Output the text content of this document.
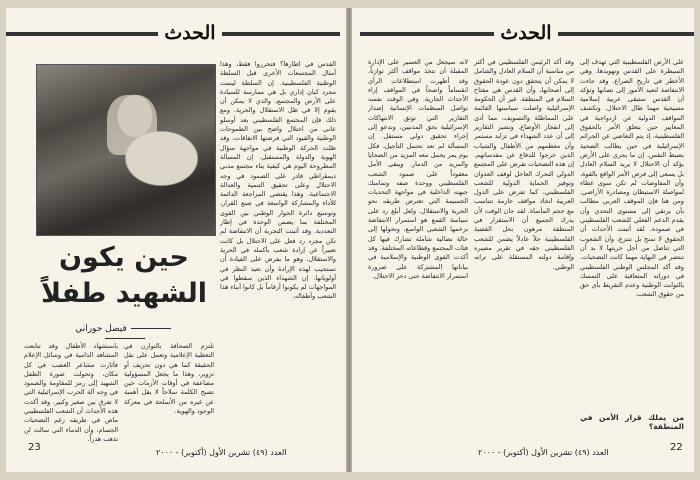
الحدث
القدس في اطارها؟ فتحرروا فقط، وهذا أمثال المجتمعات الأخرى قبل السلطة الوطنية الفلسطينية. إن السلطة ليست مجرد كيان إداري بل هي ممارسة للسيادة على الأرض والمجتمع، والذي لا يمكن أن يقوم إلا في ظل الاستقلال والحرية. ومع ذلك فإن المجتمع الفلسطيني بعد أوسلو عانى من اختلال واضح بين الطموحات الوطنية والقيود التي فرضتها الاتفاقات، وقد ظلت الحركة الوطنية في مواجهة سؤال الهوية والدولة والمستقبل. إن المسألة المطروحة اليوم هي كيفية بناء مجتمع مدني ديمقراطي قادر على الصمود في وجه الاحتلال وعلى تحقيق التنمية والعدالة الاجتماعية، وهذا يقتضي المراجعة الدائمة للأداء والمشاركة الواسعة في صنع القرار، وتوسيع دائرة الحوار الوطني بين القوى المختلفة بما يضمن الوحدة في إطار التعددية. وقد أثبتت التجربة أن الانتفاضة لم تكن مجرد رد فعل على الاحتلال بل كانت تعبيراً عن إرادة شعب بأكمله في الحرية والاستقلال، وهو ما يفرض على القيادة أن تستجيب لهذه الإرادة وأن تعيد النظر في أولوياتها. إن الشهداء الذين سقطوا في المواجهات لم يكونوا أرقاماً بل كانوا أبناء هذا الشعب وأطفاله.
حين يكون
الشهيد طفلاً
فيصل حوراني
تلتزم الصحافة بالتوازن في التغطية الإعلامية وتعمل على نقل الحقيقة كما هي دون تحريف أو تزوير، وهذا ما يجعل المسؤولية مضاعفة في أوقات الأزمات حين تصبح الكلمة سلاحاً لا يقل أهمية عن غيره من الأسلحة في معركة الوجود والهوية.
باستشهاد الأطفال وقد تتابعت المشاهد الدامية في وسائل الإعلام فأثارت مشاعر الغضب في كل مكان، وتحولت صورة الطفل الشهيد إلى رمز للمقاومة والصمود في وجه آلة الحرب الإسرائيلية التي لا تفرق بين صغير وكبير. وقد أكدت هذه الأحداث أن الشعب الفلسطيني ماض في طريقه رغم التضحيات الجسام، وأن الدماء التي سالت لن تذهب هدراً.
العدد (٤٩) تشرين الأول (أكتوبر) - ٢٠٠٠
23
الحدث
لانه سيجعل من العسير على الإدارة المقبلة أن تتخذ مواقف أكثر توازناً، وقد أظهرت استطلاعات الرأي انقساماً واضحاً في المواقف إزاء الأحداث الجارية. وفي الوقت نفسه تواصل المنظمات الإنسانية إصدار التقارير التي توثق الانتهاكات الإسرائيلية بحق المدنيين، وتدعو إلى إجراء تحقيق دولي مستقل. إن المسألة لم تعد تحتمل التأجيل، فكل يوم يمر يحمل معه المزيد من الضحايا والمزيد من الدمار. ويبقى الأمل معقوداً على صمود الشعب الفلسطيني ووحدة صفه وتماسك جبهته الداخلية في مواجهة التحديات الجسيمة التي تعترض طريقه نحو الحرية والاستقلال. ولعل أبلغ رد على سياسة القمع هو استمرار الانتفاضة بزخمها الشعبي الواسع، وتحولها إلى حالة نضالية شاملة تشارك فيها كل فئات المجتمع وقطاعاته المختلفة. وقد أكدت القوى الوطنية والإسلامية في بياناتها المشتركة على ضرورة استمرار الانتفاضة حتى دحر الاحتلال.
وقد أكد الرئيس الفلسطيني في أكثر من مناسبة أن السلام العادل والشامل لا يمكن أن يتحقق دون عودة الحقوق إلى أصحابها، وأن القدس هي مفتاح السلام في المنطقة. غير أن الحكومة الإسرائيلية واصلت سياستها القائمة على المماطلة والتسويف، مما أدى إلى انفجار الأوضاع. وتشير التقارير إلى أن عدد الشهداء في تزايد مستمر وأن معظمهم من الأطفال والشباب الذين خرجوا للدفاع عن مقدساتهم. إن هذه التضحيات تفرض على المجتمع الدولي التحرك العاجل لوقف العدوان وتوفير الحماية الدولية للشعب الفلسطيني، كما تفرض على الدول العربية اتخاذ مواقف حازمة تتناسب مع حجم المأساة. لقد حان الوقت لأن يدرك الجميع أن الاستقرار في المنطقة مرهون بحل القضية الفلسطينية حلاً عادلاً يضمن للشعب الفلسطيني حقه في تقرير مصيره وإقامة دولته المستقلة على ترابه الوطني.
على الأرض الفلسطينية التي تهدف إلى السيطرة على القدس وتهويدها، وهي الأخطر في تاريخ الصراع. وقد جاءت الانتفاضة لتعيد الأمور إلى نصابها وتؤكد أن القدس ستبقى عربية إسلامية مسيحية مهما طال الاحتلال. وتكشف المواقف الدولية عن ازدواجية في المعايير حين يتعلق الأمر بالحقوق الفلسطينية، إذ يتم التغاضي عن الجرائم الإسرائيلية في حين يطالب الضحية بضبط النفس. إن ما يجري على الأرض يؤكد أن الاحتلال لا يريد السلام العادل بل يسعى إلى فرض الأمر الواقع بالقوة، وأن المفاوضات لم تكن سوى غطاء لمواصلة الاستيطان ومصادرة الأراضي. ومن هنا فإن الموقف العربي مطالب بأن يرتقي إلى مستوى التحدي وأن يقدم الدعم الفعلي للشعب الفلسطيني في صموده. لقد أثبتت الأحداث أن الحقوق لا تمنح بل تنتزع، وأن الشعوب التي تناضل من أجل حريتها لا بد أن تنتصر في النهاية مهما كانت التضحيات. وقد أكد المجلس الوطني الفلسطيني في دوراته المتعاقبة على التمسك بالثوابت الوطنية وعدم التفريط بأي حق من حقوق الشعب.
من يملك قرار الأمن في المنطقة؟
العدد (٤٩) تشرين الأول (أكتوبر) - ٢٠٠٠	22
